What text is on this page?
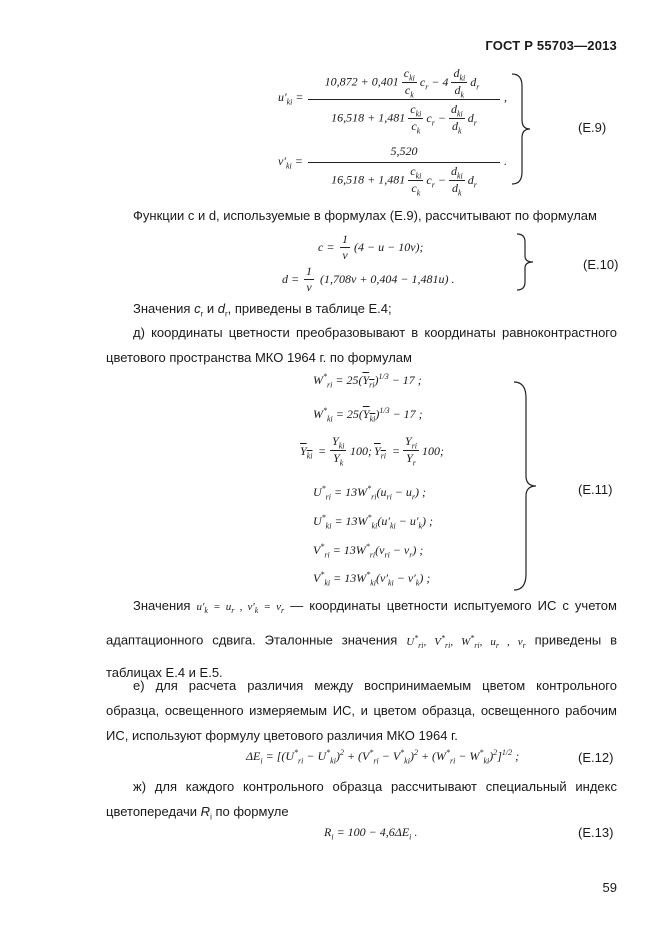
ГОСТ Р 55703—2013
$u'_{ki}$ =
$10,872 + 0,401 \frac{c_{ki}}{c_k} c_r - 4 \frac{d_{ki}}{d_k} d_r$
,
$16,518 + 1,481 \frac{c_{ki}}{c_k} c_r - \frac{d_{ki}}{d_k} d_r$
$v'_{ki}$ =
5,520
.
$16,518 + 1,481 \frac{c_{ki}}{c_k} c_r - \frac{d_{ki}}{d_k} d_r$
(Е.9)
Функции c и d, используемые в формулах (Е.9), рассчитывают по формулам
$c = \frac{1}{v} (4 - u - 10v)$;
$d = \frac{1}{v} (1,708v + 0,404 - 1,481u)$ .
(Е.10)
Значения $c_r$ и $d_r$, приведены в таблице Е.4;
д) координаты цветности преобразовывают в координаты равноконтрастного цветового пространства МКО 1964 г. по формулам
$W^*_{ri} = 25(Y_{ri})^{1/3} - 17$ ;
$W^*_{ki} = 25(Y_{ki})^{1/3} - 17$ ;
$Y_{ki}$ =
$Y_{ki}$
$Y_k$
100; $Y_{ri}$ =
$Y_{ri}$
$Y_r$
100;
$U^*_{ri} = 13W^*_{ri}(u_{ri} - u_r)$ ;
$U^*_{ki} = 13W^*_{ki}(u'_{ki} - u'_k)$ ;
$V^*_{ri} = 13W^*_{ri}(v_{ri} - v_r)$ ;
$V^*_{ki} = 13W^*_{ki}(v'_{ki} - v'_k)$ ;
(Е.11)
Значения $u'_k = u_r$ , $v'_k = v_r$ — координаты цветности испытуемого ИС с учетом адаптационного сдвига. Эталонные значения $U^*_{ri}$, $V^*_{ri}$, $W^*_{ri}$, $u_r$ , $v_r$ приведены в таблицах Е.4 и Е.5.
е) для расчета различия между воспринимаемым цветом контрольного образца, освещенного измеряемым ИС, и цветом образца, освещенного рабочим ИС, используют формулу цветового различия МКО 1964 г.
$\Delta E_i = [(U^*_{ri} - U^*_{ki})^2 + (V^*_{ri} - V^*_{ki})^2 + (W^*_{ri} - W^*_{ki})^2]^{1/2}$ ;	(Е.12)
ж) для каждого контрольного образца рассчитывают специальный индекс цветопередачи $R_i$ по формуле
$R_i = 100 - 4,6\Delta E_i$ .	(Е.13)
59
